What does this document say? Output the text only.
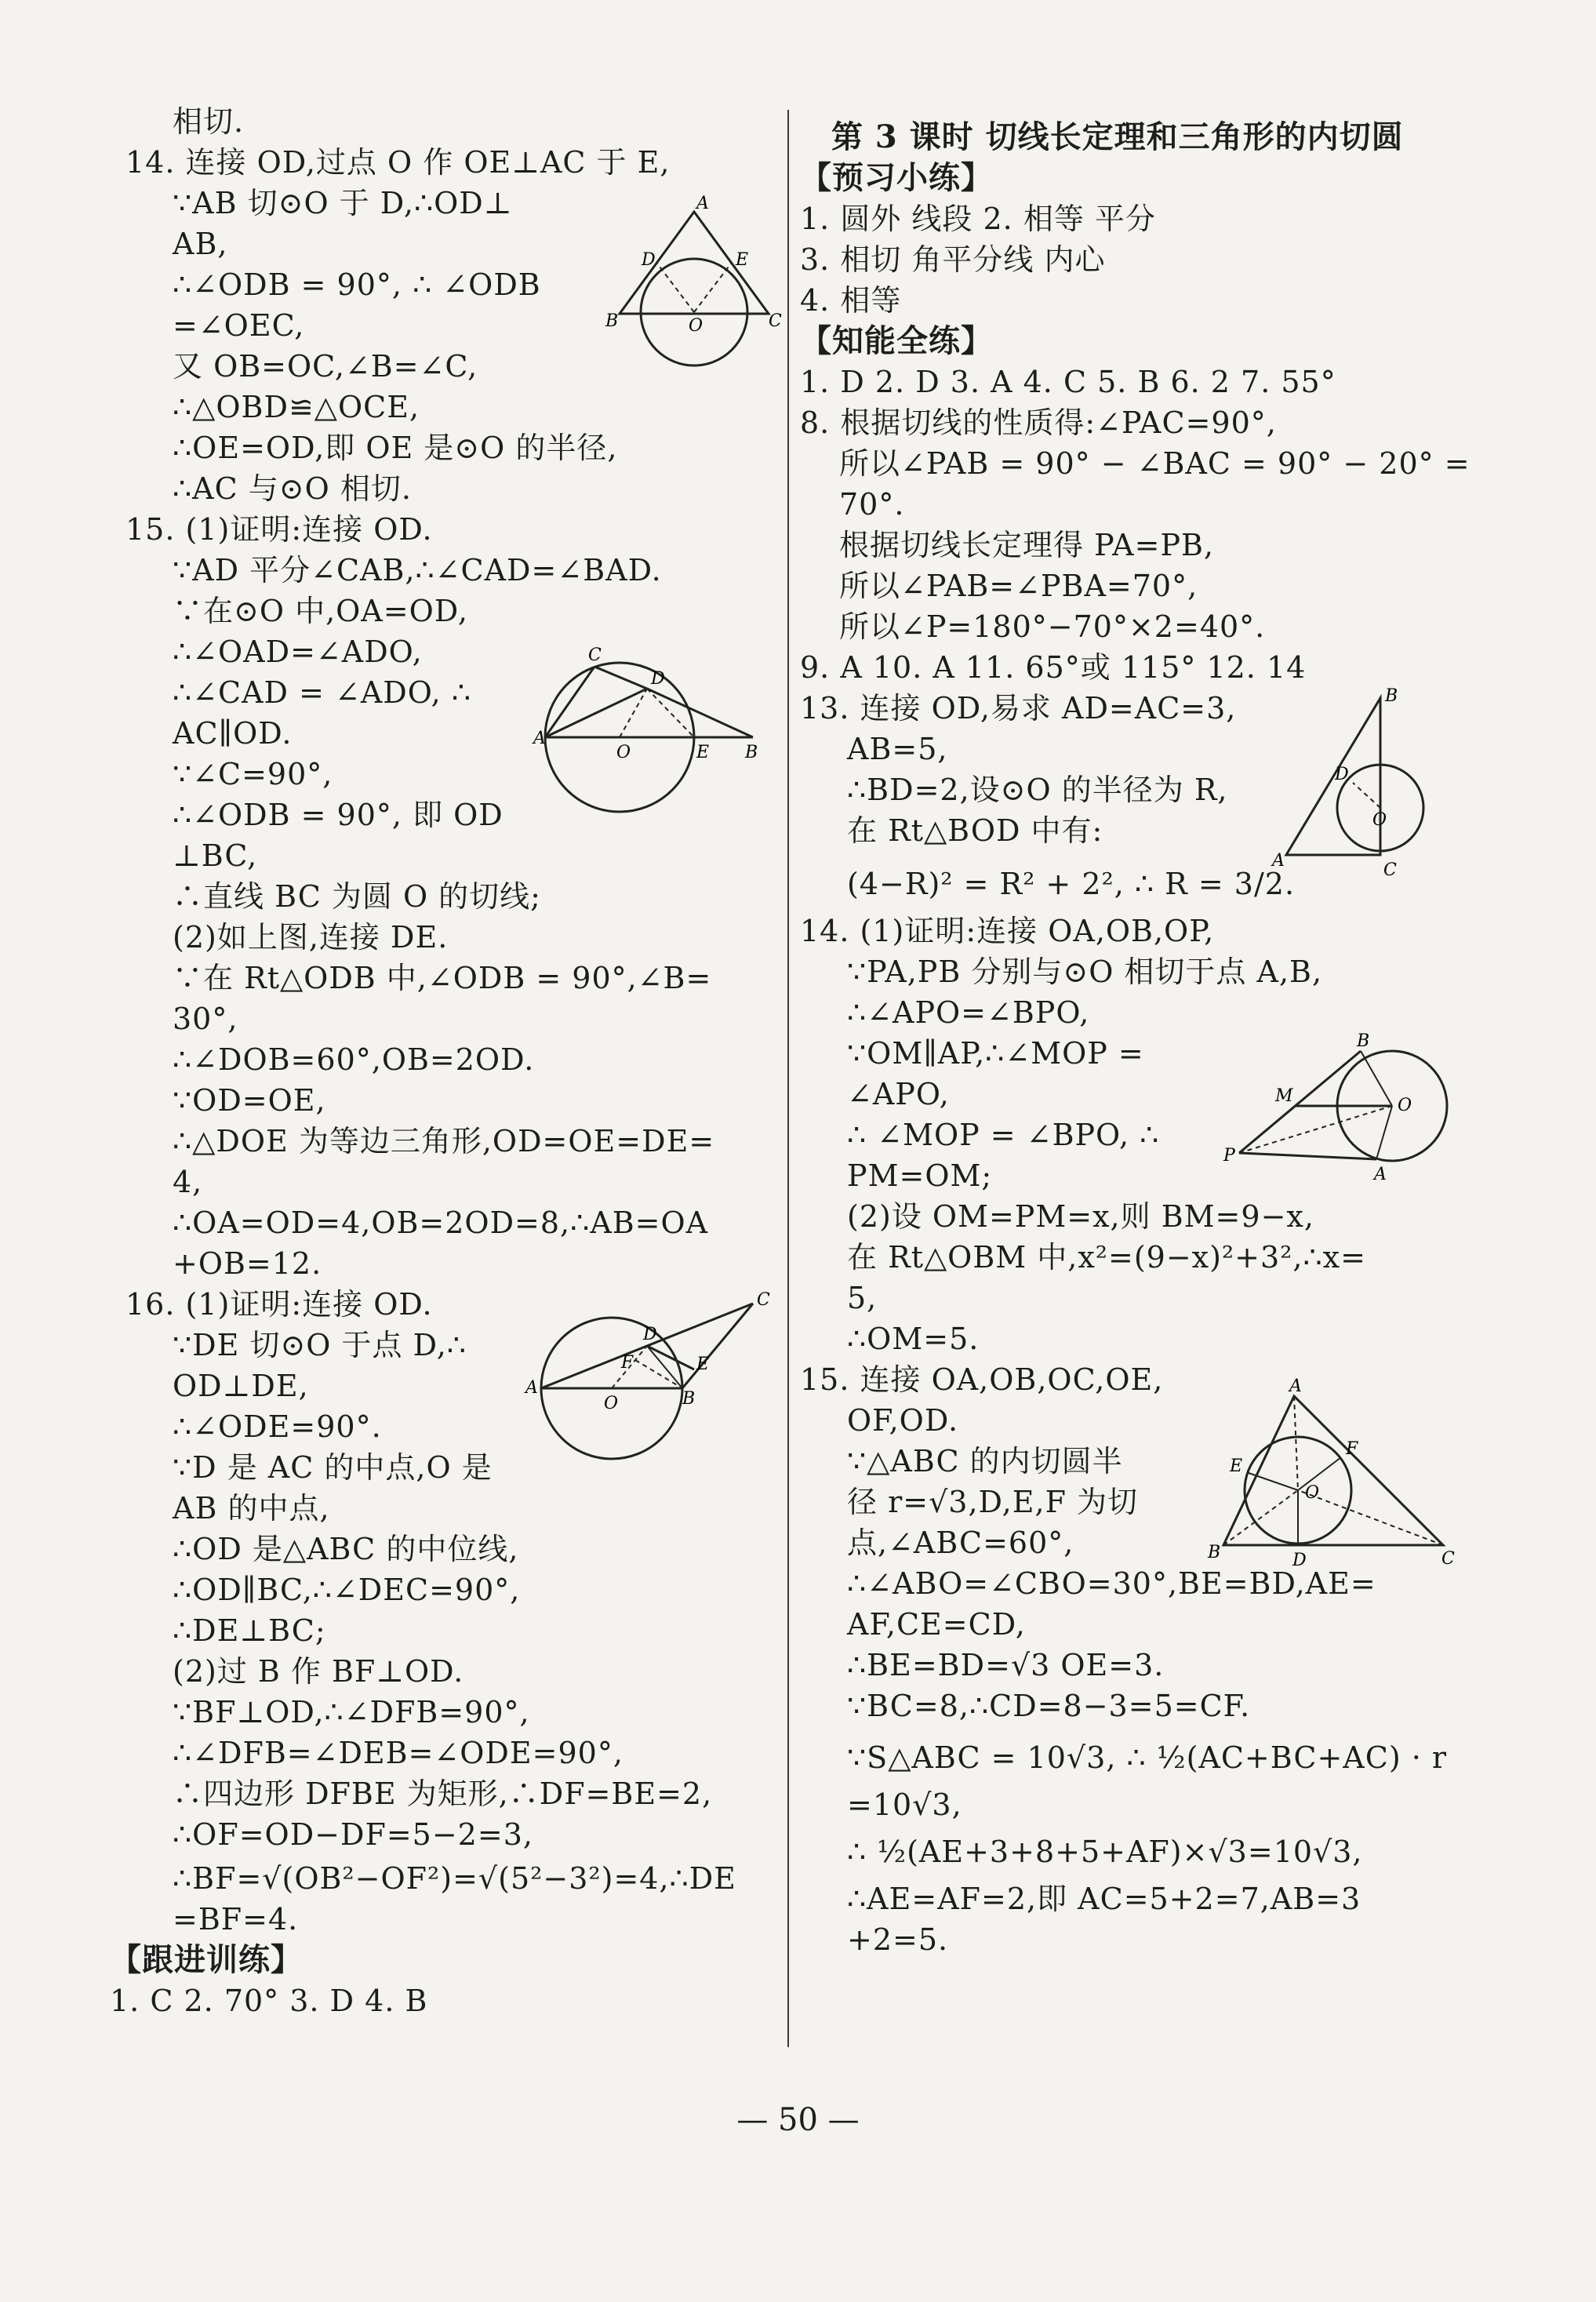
相切.
14. 连接 OD,过点 O 作 OE⊥AC 于 E,
∵AB 切⊙O 于 D,∴OD⊥
AB,
∴∠ODB = 90°, ∴ ∠ODB
=∠OEC,
又 OB=OC,∠B=∠C,
∴△OBD≌△OCE,
∴OE=OD,即 OE 是⊙O 的半径,
∴AC 与⊙O 相切.
15. (1)证明:连接 OD.
∵AD 平分∠CAB,∴∠CAD=∠BAD.
∵在⊙O 中,OA=OD,
∴∠OAD=∠ADO,
∴∠CAD = ∠ADO, ∴
AC∥OD.
∵∠C=90°,
∴∠ODB = 90°, 即 OD
⊥BC,
∴直线 BC 为圆 O 的切线;
(2)如上图,连接 DE.
∵在 Rt△ODB 中,∠ODB = 90°,∠B=
30°,
∴∠DOB=60°,OB=2OD.
∵OD=OE,
∴△DOE 为等边三角形,OD=OE=DE=
4,
∴OA=OD=4,OB=2OD=8,∴AB=OA
+OB=12.
16. (1)证明:连接 OD.
∵DE 切⊙O 于点 D,∴
OD⊥DE,
∴∠ODE=90°.
∵D 是 AC 的中点,O 是
AB 的中点,
∴OD 是△ABC 的中位线,
∴OD∥BC,∴∠DEC=90°,
∴DE⊥BC;
(2)过 B 作 BF⊥OD.
∵BF⊥OD,∴∠DFB=90°,
∴∠DFB=∠DEB=∠ODE=90°,
∴四边形 DFBE 为矩形,∴DF=BE=2,
∴OF=OD−DF=5−2=3,
∴BF=√(OB²−OF²)=√(5²−3²)=4,∴DE
=BF=4.
【跟进训练】
1. C 2. 70° 3. D 4. B
A
D	E
B	O	C
C
D
A
O	E B
C
D
F	E
A
O	B
第 3 课时 切线长定理和三角形的内切圆
【预习小练】
1. 圆外 线段 2. 相等 平分
3. 相切 角平分线 内心
4. 相等
【知能全练】
1. D 2. D 3. A 4. C 5. B 6. 2 7. 55°
8. 根据切线的性质得:∠PAC=90°,
所以∠PAB = 90° − ∠BAC = 90° − 20° =
70°.
根据切线长定理得 PA=PB,
所以∠PAB=∠PBA=70°,
所以∠P=180°−70°×2=40°.
9. A 10. A 11. 65°或 115° 12. 14
13. 连接 OD,易求 AD=AC=3,
AB=5,
∴BD=2,设⊙O 的半径为 R,
在 Rt△BOD 中有:
(4−R)² = R² + 2², ∴ R = 3/2.
14. (1)证明:连接 OA,OB,OP,
∵PA,PB 分别与⊙O 相切于点 A,B,
∴∠APO=∠BPO,
∵OM∥AP,∴∠MOP =
∠APO,
∴ ∠MOP = ∠BPO, ∴
PM=OM;
(2)设 OM=PM=x,则 BM=9−x,
在 Rt△OBM 中,x²=(9−x)²+3²,∴x=
5,
∴OM=5.
15. 连接 OA,OB,OC,OE,
OF,OD.
∵△ABC 的内切圆半
径 r=√3,D,E,F 为切
点,∠ABC=60°,
∴∠ABO=∠CBO=30°,BE=BD,AE=
AF,CE=CD,
∴BE=BD=√3 OE=3.
∵BC=8,∴CD=8−3=5=CF.
∵S△ABC = 10√3, ∴ ½(AC+BC+AC) · r
=10√3,
∴ ½(AE+3+8+5+AF)×√3=10√3,
∴AE=AF=2,即 AC=5+2=7,AB=3
+2=5.
B
D
O
A	C
B
M	O
P
A
A
E
F
O
B	D	C
— 50 —
